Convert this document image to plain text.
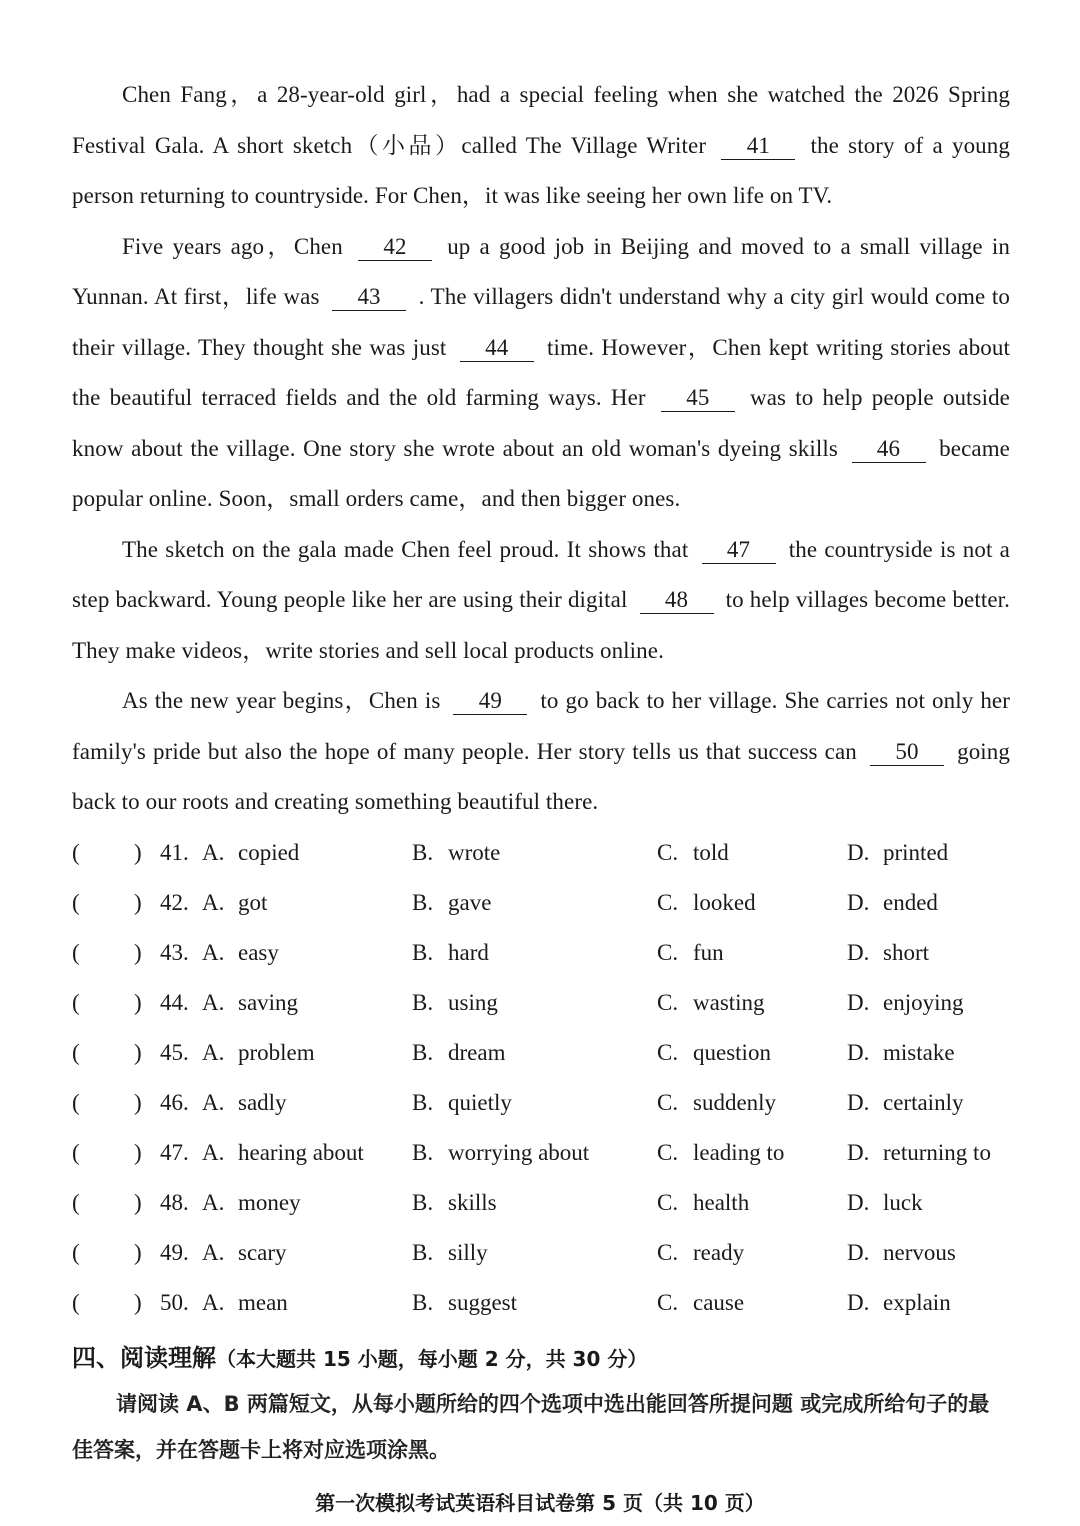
Chen Fang，a 28-year-old girl，had a special feeling when she watched the 2026 Spring Festival Gala. A short sketch（小品）called The Village Writer 41 the story of a young person returning to countryside. For Chen，it was like seeing her own life on TV.

Five years ago，Chen 42 up a good job in Beijing and moved to a small village in Yunnan. At first，life was 43 . The villagers didn't understand why a city girl would come to their village. They thought she was just 44 time. However，Chen kept writing stories about the beautiful terraced fields and the old farming ways. Her 45 was to help people outside know about the village. One story she wrote about an old woman's dyeing skills 46 became popular online. Soon，small orders came，and then bigger ones.

The sketch on the gala made Chen feel proud. It shows that 47 the countryside is not a step backward. Young people like her are using their digital 48 to help villages become better. They make videos，write stories and sell local products online.

As the new year begins，Chen is 49 to go back to her village. She carries not only her family's pride but also the hope of many people. Her story tells us that success can 50 going back to our roots and creating something beautiful there.

(	) 41. A. copied	B. wrote	C. told	D. printed
(	) 42. A. got	B. gave	C. looked	D. ended
(	) 43. A. easy	B. hard	C. fun	D. short
(	) 44. A. saving	B. using	C. wasting	D. enjoying
(	) 45. A. problem	B. dream	C. question	D. mistake
(	) 46. A. sadly	B. quietly	C. suddenly	D. certainly
(	) 47. A. hearing about	B. worrying about	C. leading to	D. returning to
(	) 48. A. money	B. skills	C. health	D. luck
(	) 49. A. scary	B. silly	C. ready	D. nervous
(	) 50. A. mean	B. suggest	C. cause	D. explain
四、阅读理解（本大题共 15 小题，每小题 2 分，共 30 分）

请阅读 A、B 两篇短文，从每小题所给的四个选项中选出能回答所提问题 或完成所给句子的最佳答案，并在答题卡上将对应选项涂黑。

第一次模拟考试英语科目试卷第 5 页（共 10 页）
